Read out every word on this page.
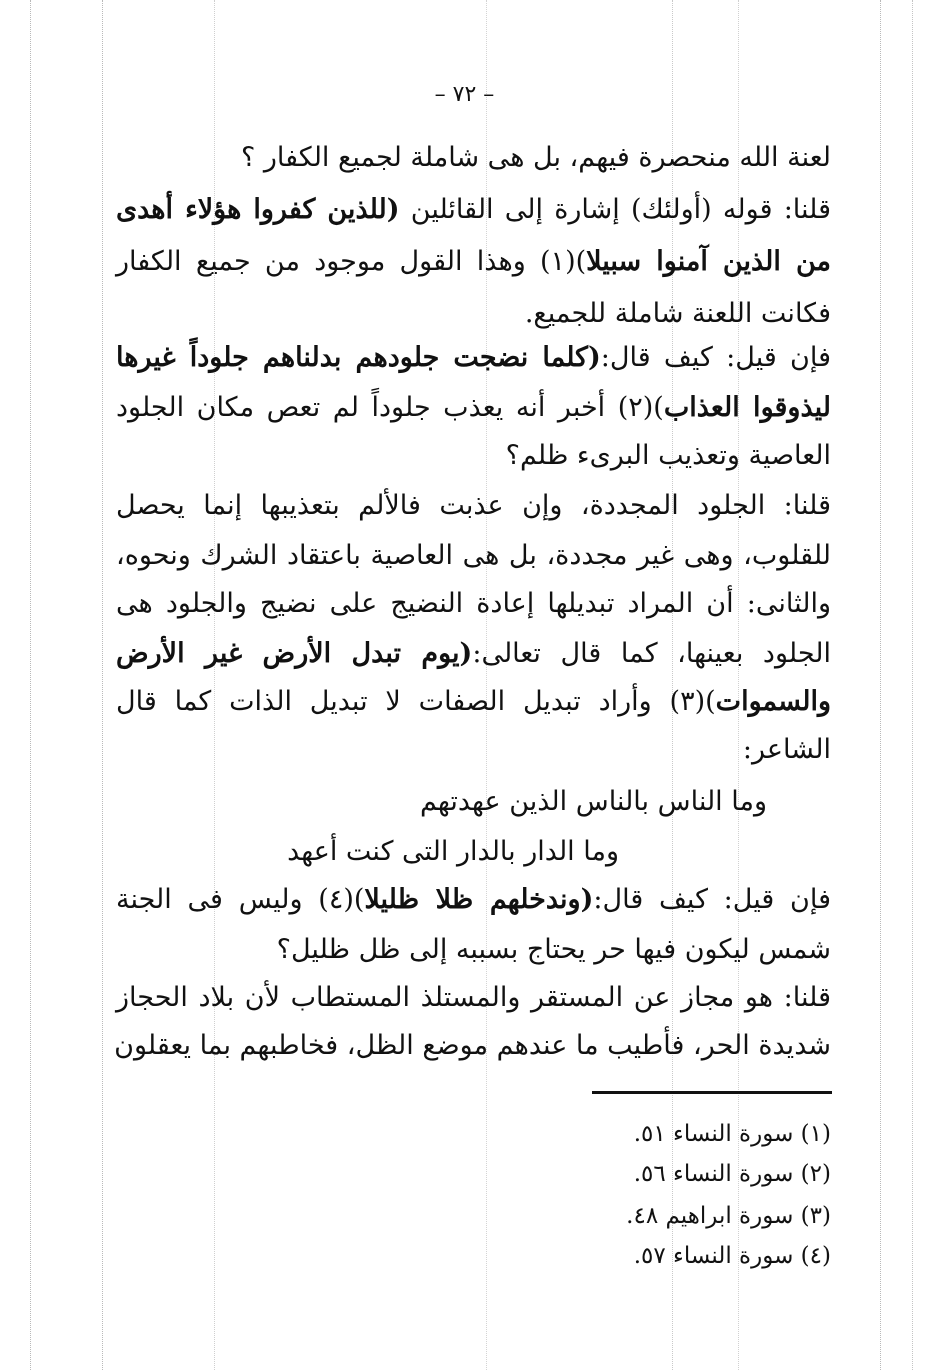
– ٧٢ –
لعنة الله منحصرة فيهم، بل هى شاملة لجميع الكفار ؟
قلنا: قوله (أولئك) إشارة إلى القائلين (للذين كفروا هؤلاء أهدى
من الذين آمنوا سبيلا)(١) وهذا القول موجود من جميع الكفار
فكانت اللعنة شاملة للجميع.
فإن قيل: كيف قال:(كلما نضجت جلودهم بدلناهم جلوداً غيرها
ليذوقوا العذاب)(٢) أخبر أنه يعذب جلوداً لم تعص مكان الجلود
العاصية وتعذيب البرىء ظلم؟
قلنا: الجلود المجددة، وإن عذبت فالألم بتعذيبها إنما يحصل
للقلوب، وهى غير مجددة، بل هى العاصية باعتقاد الشرك ونحوه،
والثانى: أن المراد تبديلها إعادة النضيج على نضيج والجلود هى
الجلود بعينها، كما قال تعالى:(يوم تبدل الأرض غير الأرض
والسموات)(٣) وأراد تبديل الصفات لا تبديل الذات كما قال
الشاعر:
وما الناس بالناس الذين عهدتهم
وما الدار بالدار التى كنت أعهد
فإن قيل: كيف قال:(وندخلهم ظلا ظليلا)(٤) وليس فى الجنة
شمس ليكون فيها حر يحتاج بسببه إلى ظل ظليل؟
قلنا: هو مجاز عن المستقر والمستلذ المستطاب لأن بلاد الحجاز
شديدة الحر، فأطيب ما عندهم موضع الظل، فخاطبهم بما يعقلون
(١) سورة النساء ٥١.
(٢) سورة النساء ٥٦.
(٣) سورة ابراهيم ٤٨.
(٤) سورة النساء ٥٧.
